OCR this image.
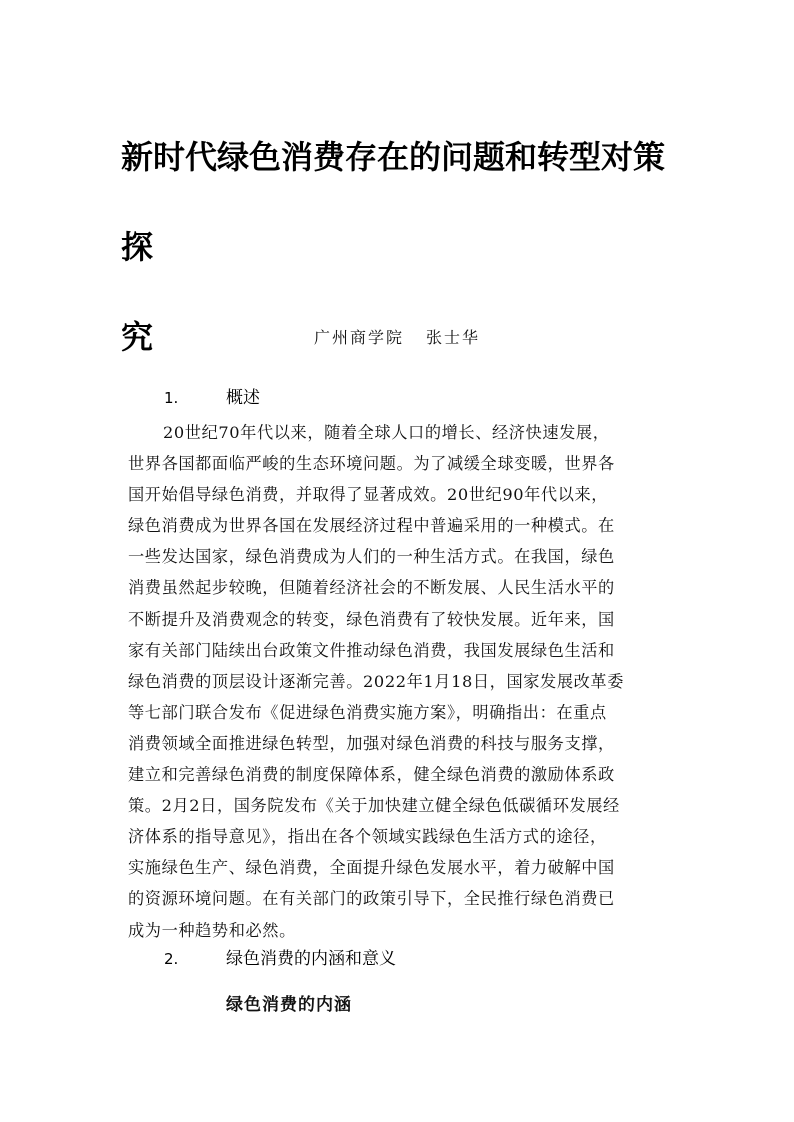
新时代绿色消费存在的问题和转型对策探
究	广州商学院 张士华
1.	概述
20世纪70年代以来，随着全球人口的增长、经济快速发展，
世界各国都面临严峻的生态环境问题。为了减缓全球变暖，世界各
国开始倡导绿色消费，并取得了显著成效。20世纪90年代以来，
绿色消费成为世界各国在发展经济过程中普遍采用的一种模式。在
一些发达国家，绿色消费成为人们的一种生活方式。在我国，绿色
消费虽然起步较晚，但随着经济社会的不断发展、人民生活水平的
不断提升及消费观念的转变，绿色消费有了较快发展。近年来，国
家有关部门陆续出台政策文件推动绿色消费，我国发展绿色生活和
绿色消费的顶层设计逐渐完善。2022年1月18日，国家发展改革委
等七部门联合发布《促进绿色消费实施方案》，明确指出：在重点
消费领域全面推进绿色转型，加强对绿色消费的科技与服务支撑，
建立和完善绿色消费的制度保障体系，健全绿色消费的激励体系政
策。2月2日，国务院发布《关于加快建立健全绿色低碳循环发展经
济体系的指导意见》，指出在各个领域实践绿色生活方式的途径，
实施绿色生产、绿色消费，全面提升绿色发展水平，着力破解中国
的资源环境问题。在有关部门的政策引导下，全民推行绿色消费已
成为一种趋势和必然。
2.	绿色消费的内涵和意义
绿色消费的内涵
